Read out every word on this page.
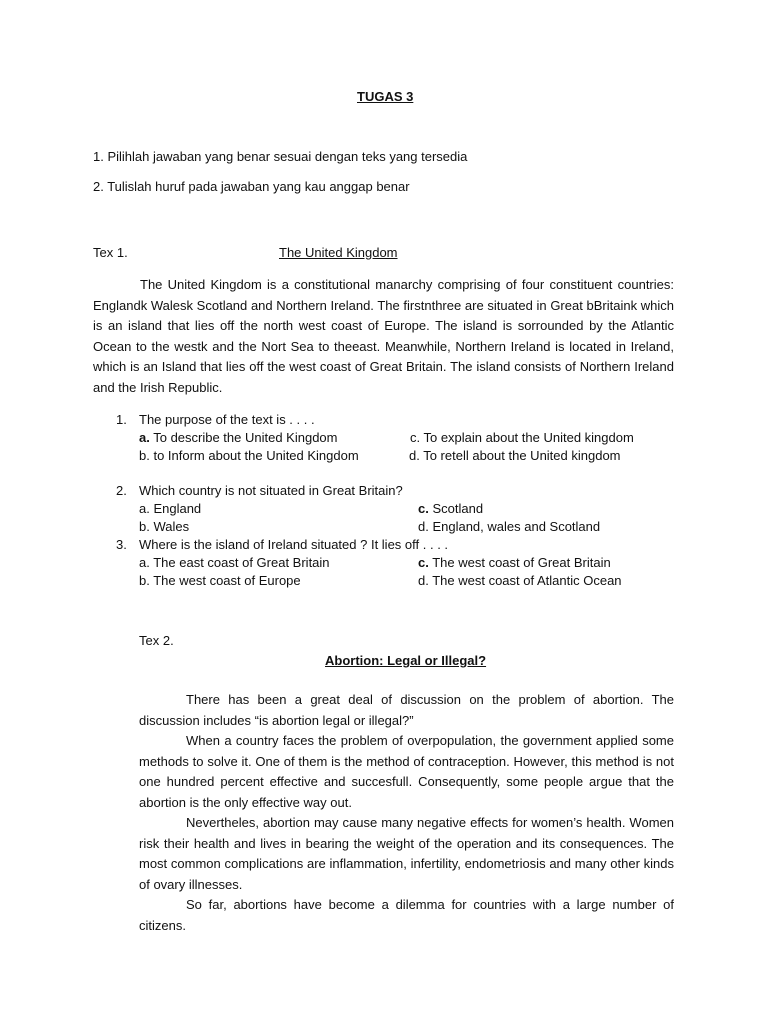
TUGAS 3
1. Pilihlah jawaban yang benar sesuai dengan teks yang tersedia
2. Tulislah huruf pada jawaban yang kau anggap benar
Tex 1.	The United Kingdom
The United Kingdom is a constitutional manarchy comprising of four constituent countries: Englandk Walesk Scotland and Northern Ireland. The firstnthree are situated in Great bBritaink which is an island that lies off the north west coast of Europe. The island is sorrounded by the Atlantic Ocean to the westk and the Nort Sea to theeast. Meanwhile, Northern Ireland is located in Ireland, which is an Island that lies off the west coast of Great Britain. The island consists of Northern Ireland and the Irish Republic.
1. The purpose of the text is . . . .
a. To describe the United Kingdom	c. To explain about the United kingdom
b. to Inform about the United Kingdom	d. To retell about the United kingdom
2. Which country is not situated in Great Britain?
a. England	c. Scotland
b. Wales	d. England, wales and Scotland
3. Where is the island of Ireland situated ? It lies off . . . .
a. The east coast of Great Britain	c. The west coast of Great Britain
b. The west coast of Europe	d. The west coast of Atlantic Ocean
Tex 2.
Abortion: Legal or Illegal?
There has been a great deal of discussion on the problem of abortion. The discussion includes “is abortion legal or illegal?”
When a country faces the problem of overpopulation, the government applied some methods to solve it. One of them is the method of contraception. However, this method is not one hundred percent effective and succesfull. Consequently, some people argue that the abortion is the only effective way out.
Nevertheles, abortion may cause many negative effects for women’s health. Women risk their health and lives in bearing the weight of the operation and its consequences. The most common complications are inflammation, infertility, endometriosis and many other kinds of ovary illnesses.
So far, abortions have become a dilemma for countries with a large number of citizens.
